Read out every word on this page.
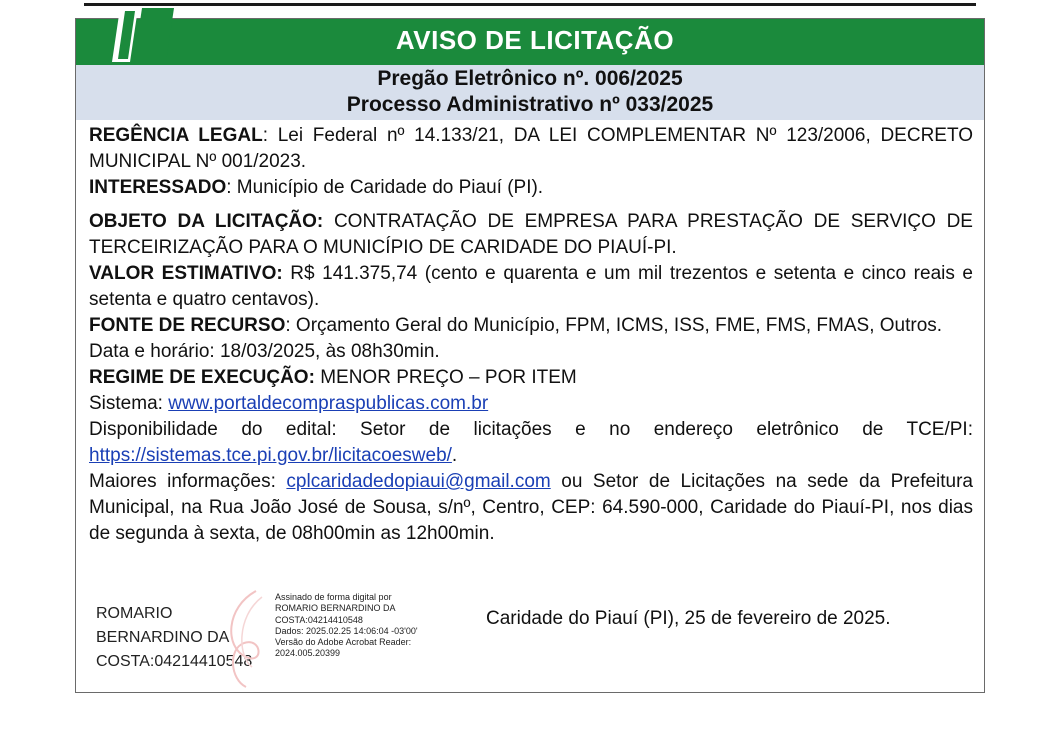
AVISO DE LICITAÇÃO
Pregão Eletrônico nº. 006/2025
Processo Administrativo nº 033/2025

REGÊNCIA LEGAL: Lei Federal nº 14.133/21, DA LEI COMPLEMENTAR Nº 123/2006, DECRETO MUNICIPAL Nº 001/2023.

INTERESSADO: Município de Caridade do Piauí (PI).

OBJETO DA LICITAÇÃO: CONTRATAÇÃO DE EMPRESA PARA PRESTAÇÃO DE SERVIÇO DE TERCEIRIZAÇÃO PARA O MUNICÍPIO DE CARIDADE DO PIAUÍ-PI.

VALOR ESTIMATIVO: R$ 141.375,74 (cento e quarenta e um mil trezentos e setenta e cinco reais e setenta e quatro centavos).

FONTE DE RECURSO: Orçamento Geral do Município, FPM, ICMS, ISS, FME, FMS, FMAS, Outros.

Data e horário: 18/03/2025, às 08h30min.

REGIME DE EXECUÇÃO: MENOR PREÇO – POR ITEM

Sistema: www.portaldecompraspublicas.com.br

Disponibilidade do edital: Setor de licitações e no endereço eletrônico de TCE/PI: https://sistemas.tce.pi.gov.br/licitacoesweb/.

Maiores informações: cplcaridadedopiaui@gmail.com ou Setor de Licitações na sede da Prefeitura Municipal, na Rua João José de Sousa, s/nº, Centro, CEP: 64.590-000, Caridade do Piauí-PI, nos dias de segunda à sexta, de 08h00min as 12h00min.

ROMARIO
BERNARDINO DA
COSTA:04214410548
Assinado de forma digital por
ROMARIO BERNARDINO DA
COSTA:04214410548
Dados: 2025.02.25 14:06:04 -03'00'
Versão do Adobe Acrobat Reader:
2024.005.20399
Caridade do Piauí (PI), 25 de fevereiro de 2025.
